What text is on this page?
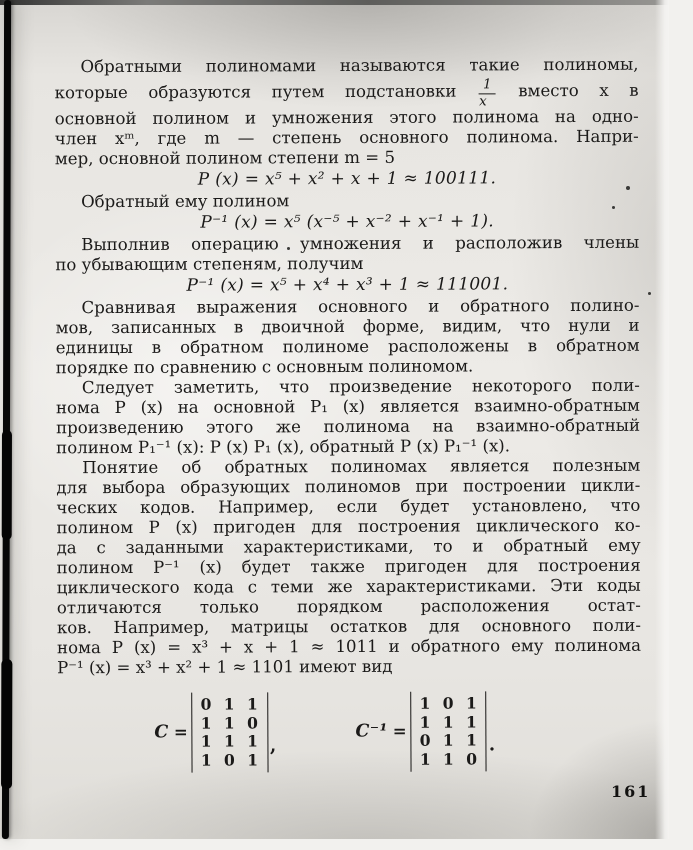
Обратными полиномами называются такие полиномы,
которые образуются путем подстановки $\frac{1}{x}$ вместо x в
основной полином и умножения этого полинома на одно-
член xᵐ, где m — степень основного полинома. Напри-
мер, основной полином степени m = 5
P (x) = x⁵ + x² + x + 1 ≈ 100111.
Обратный ему полином
P⁻¹ (x) = x⁵ (x⁻⁵ + x⁻² + x⁻¹ + 1).
Выполнив операцию умножения и расположив члены
по убывающим степеням, получим
P⁻¹ (x) = x⁵ + x⁴ + x³ + 1 ≈ 111001.
Сравнивая выражения основного и обратного полино-
мов, записанных в двоичной форме, видим, что нули и
единицы в обратном полиноме расположены в обратном
порядке по сравнению с основным полиномом.
Следует заметить, что произведение некоторого поли-
нома P (x) на основной P₁ (x) является взаимно-обратным
произведению этого же полинома на взаимно-обратный
полином P₁⁻¹ (x): P (x) P₁ (x), обратный P (x) P₁⁻¹ (x).
Понятие об обратных полиномах является полезным
для выбора образующих полиномов при построении цикли-
ческих кодов. Например, если будет установлено, что
полином P (x) пригоден для построения циклического ко-
да с заданными характеристиками, то и обратный ему
полином P⁻¹ (x) будет также пригоден для построения
циклического кода с теми же характеристиками. Эти коды
отличаются только порядком расположения остат-
ков. Например, матрицы остатков для основного поли-
нома P (x) = x³ + x + 1 ≈ 1011 и обратного ему полинома
P⁻¹ (x) = x³ + x² + 1 ≈ 1101 имеют вид
C =
0 1 1
1 1 0
1 1 1
1 0 1
, C⁻¹ =
1 0 1
1 1 1
0 1 1
1 1 0
.
161
